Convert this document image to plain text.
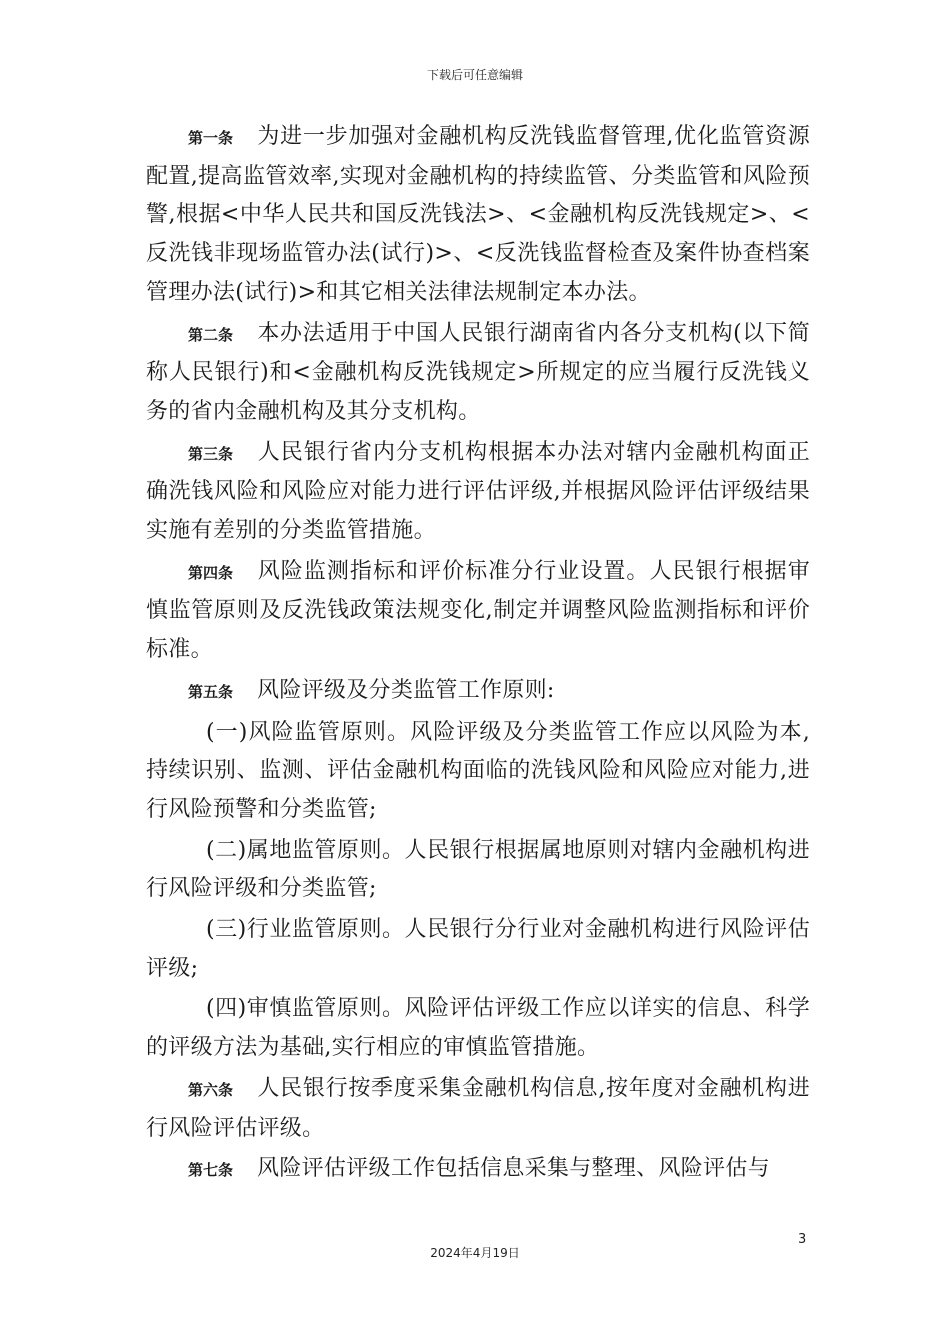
下载后可任意编辑

第一条 为进一步加强对金融机构反洗钱监督管理,优化监管资源配置,提高监管效率,实现对金融机构的持续监管、分类监管和风险预警,根据<中华人民共和国反洗钱法>、<金融机构反洗钱规定>、<反洗钱非现场监管办法(试行)>、<反洗钱监督检查及案件协查档案管理办法(试行)>和其它相关法律法规制定本办法。

第二条 本办法适用于中国人民银行湖南省内各分支机构(以下简称人民银行)和<金融机构反洗钱规定>所规定的应当履行反洗钱义务的省内金融机构及其分支机构。

第三条 人民银行省内分支机构根据本办法对辖内金融机构面正确洗钱风险和风险应对能力进行评估评级,并根据风险评估评级结果实施有差别的分类监管措施。

第四条 风险监测指标和评价标准分行业设置。人民银行根据审慎监管原则及反洗钱政策法规变化,制定并调整风险监测指标和评价标准。

第五条 风险评级及分类监管工作原则:

(一)风险监管原则。风险评级及分类监管工作应以风险为本,持续识别、监测、评估金融机构面临的洗钱风险和风险应对能力,进行风险预警和分类监管;

(二)属地监管原则。人民银行根据属地原则对辖内金融机构进行风险评级和分类监管;

(三)行业监管原则。人民银行分行业对金融机构进行风险评估评级;

(四)审慎监管原则。风险评估评级工作应以详实的信息、科学的评级方法为基础,实行相应的审慎监管措施。

第六条 人民银行按季度采集金融机构信息,按年度对金融机构进行风险评估评级。

第七条 风险评估评级工作包括信息采集与整理、风险评估与

3
2024年4月19日
